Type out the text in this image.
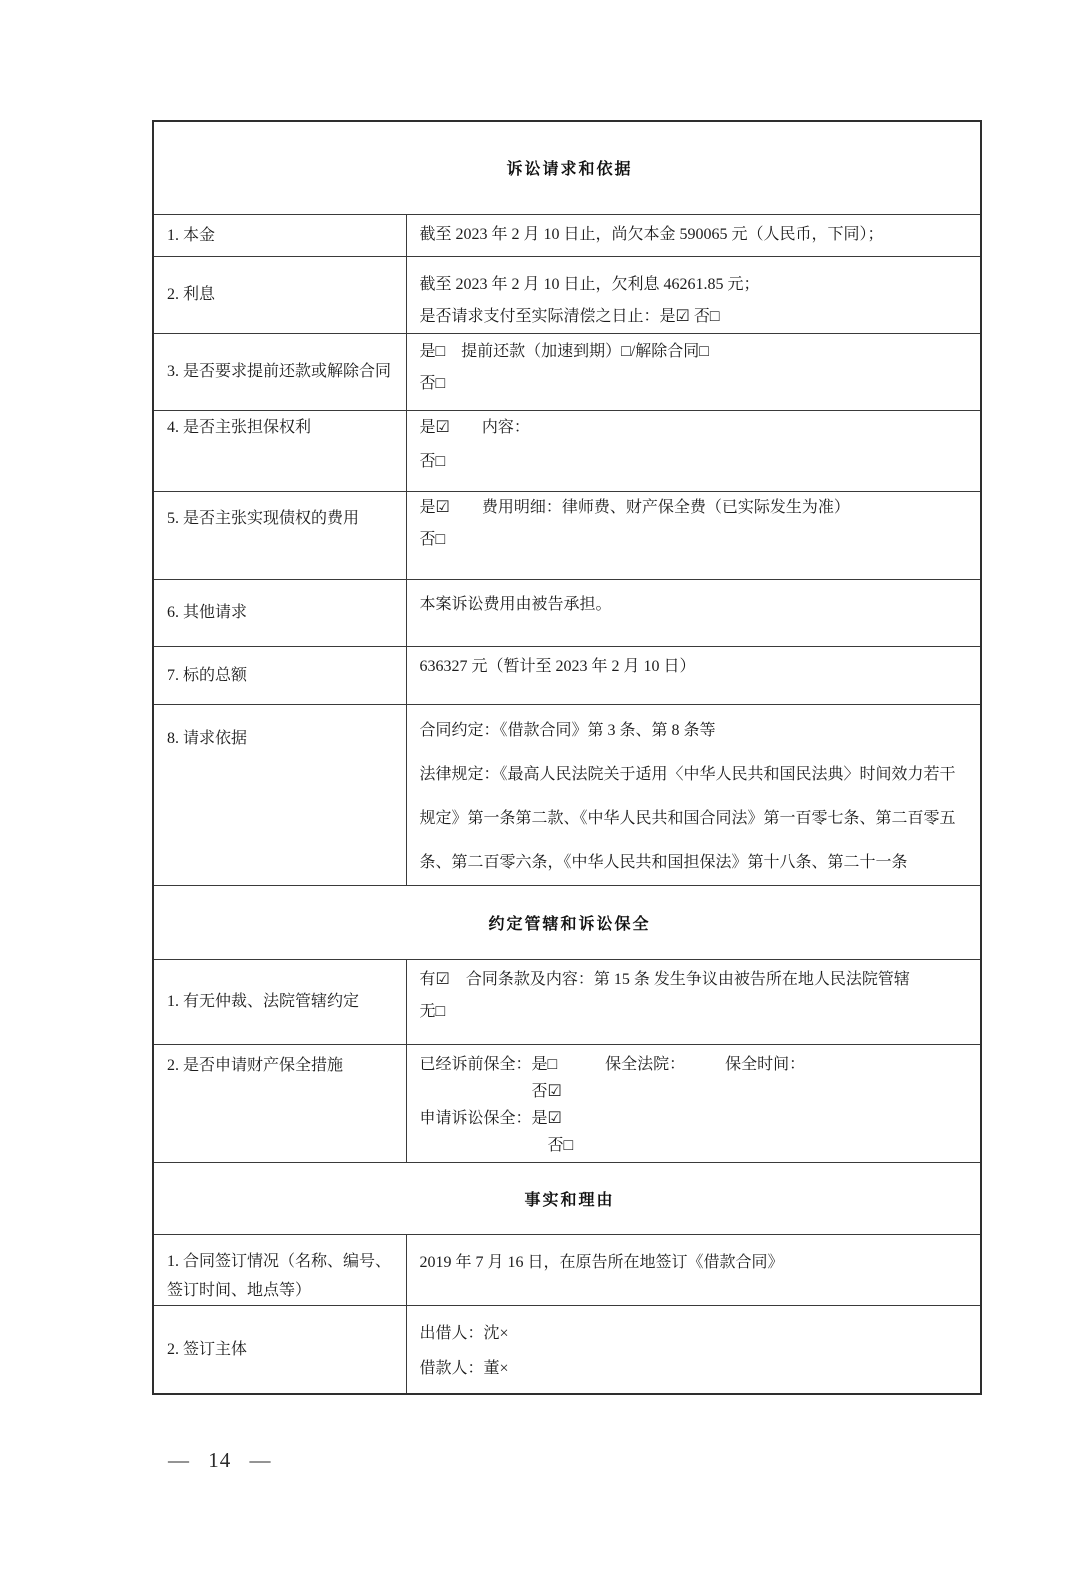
诉讼请求和依据	

1. 本金	截至 2023 年 2 月 10 日止，尚欠本金 590065 元（人民币，下同）；

2. 利息	截至 2023 年 2 月 10 日止，欠利息 46261.85 元；
是否请求支付至实际清偿之日止：是☑ 否□

3. 是否要求提前还款或解除合同	是□　提前还款（加速到期）□/解除合同□
否□

4. 是否主张担保权利	是☑　　内容：
否□

5. 是否主张实现债权的费用	是☑　　费用明细：律师费、财产保全费（已实际发生为准）
否□

6. 其他请求	本案诉讼费用由被告承担。

7. 标的总额	636327 元（暂计至 2023 年 2 月 10 日）

8. 请求依据	合同约定：《借款合同》第 3 条、第 8 条等
法律规定：《最高人民法院关于适用〈中华人民共和国民法典〉时间效力若干
规定》第一条第二款、《中华人民共和国合同法》第一百零七条、第二百零五
条、第二百零六条，《中华人民共和国担保法》第十八条、第二十一条

约定管辖和诉讼保全	

1. 有无仲裁、法院管辖约定	有☑　合同条款及内容：第 15 条 发生争议由被告所在地人民法院管辖
无□

2. 是否申请财产保全措施	已经诉前保全：是□　　　保全法院：　　　保全时间：
　　　　　　　否☑
申请诉讼保全：是☑
　　　　　　　　否□

事实和理由	

1. 合同签订情况（名称、编号、
签订时间、地点等）	2019 年 7 月 16 日，在原告所在地签订《借款合同》

2. 签订主体	出借人：沈×
借款人：董×
— 14 —
